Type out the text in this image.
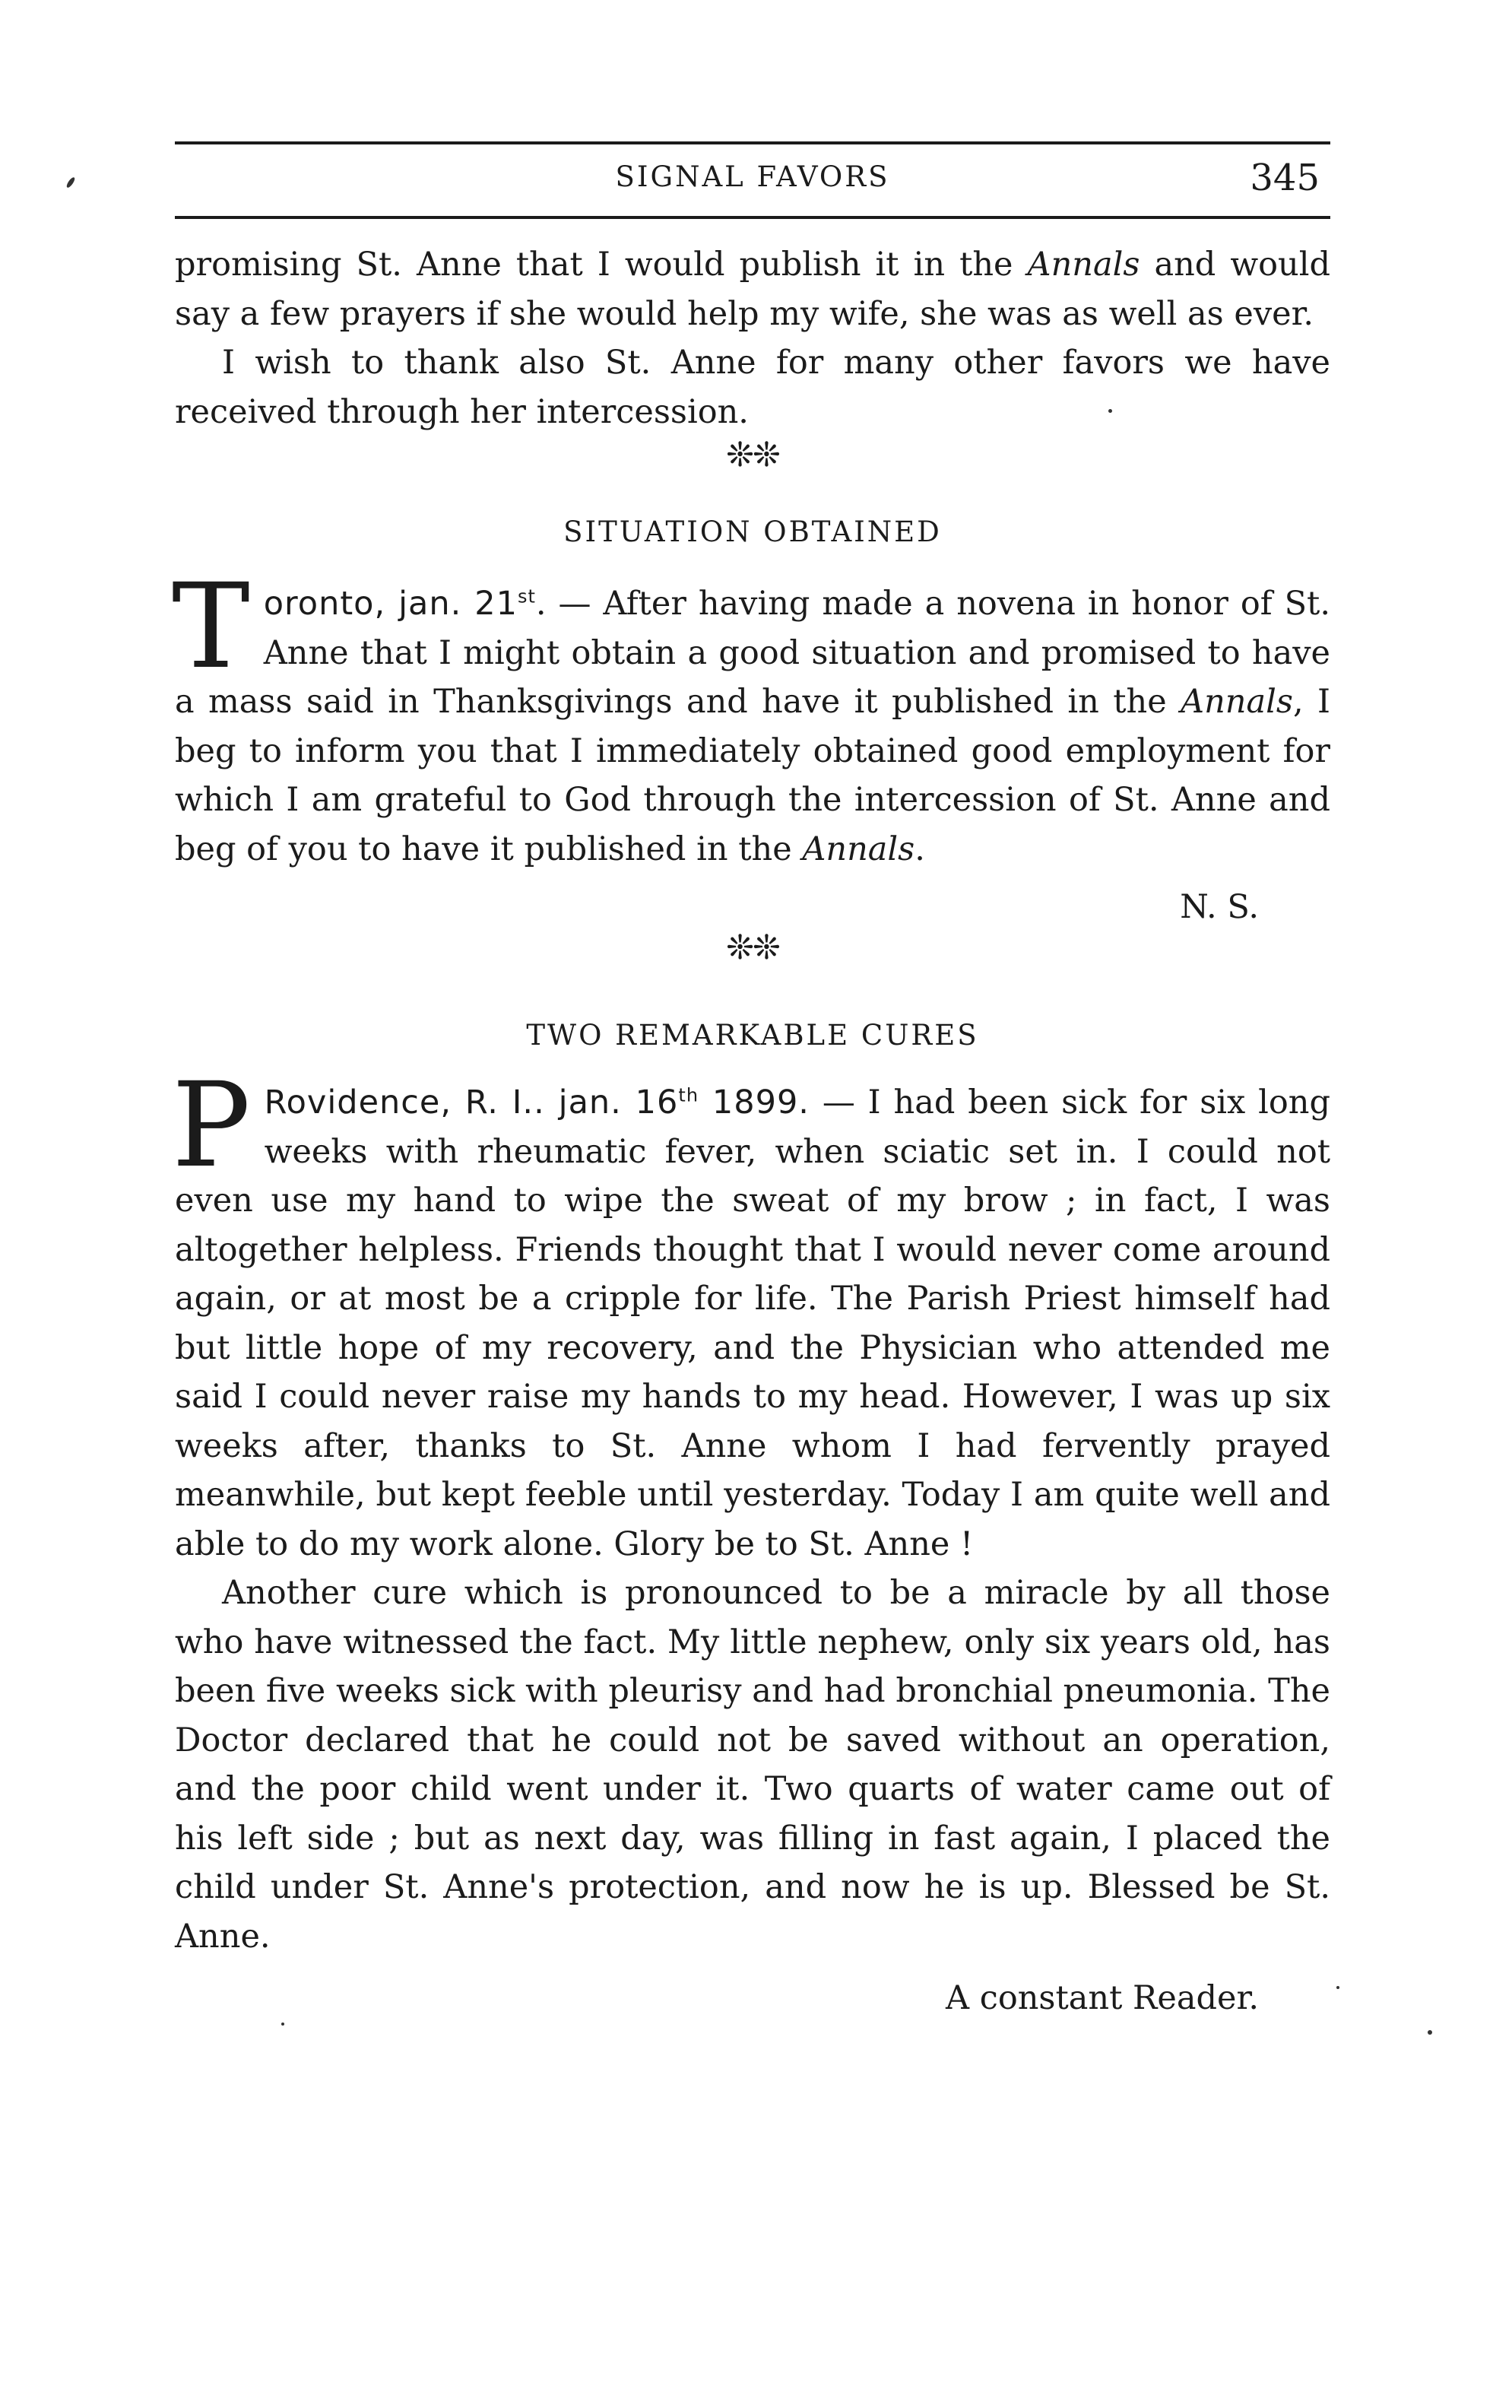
SIGNAL FAVORS	345

promising St. Anne that I would publish it in the Annals and would say a few prayers if she would help my wife, she was as well as ever.

I wish to thank also St. Anne for many other favors we have received through her intercession.

❊❊
SITUATION OBTAINED

Toronto, jan. 21st. — After having made a novena in honor of St. Anne that I might obtain a good situation and promised to have a mass said in Thanksgivings and have it published in the Annals, I beg to inform you that I immediately obtained good employment for which I am grateful to God through the intercession of St. Anne and beg of you to have it published in the Annals.

N. S.
❊❊
TWO REMARKABLE CURES

P Rovidence, R. I.. jan. 16th 1899. — I had been sick for six long weeks with rheumatic fever, when sciatic set in. I could not even use my hand to wipe the sweat of my brow ; in fact, I was altogether helpless. Friends thought that I would never come around again, or at most be a cripple for life. The Parish Priest himself had but little hope of my recovery, and the Physician who attended me said I could never raise my hands to my head. However, I was up six weeks after, thanks to St. Anne whom I had fervently prayed meanwhile, but kept feeble until yesterday. Today I am quite well and able to do my work alone. Glory be to St. Anne !

Another cure which is pronounced to be a miracle by all those who have witnessed the fact. My little nephew, only six years old, has been five weeks sick with pleurisy and had bronchial pneumonia. The Doctor declared that he could not be saved without an operation, and the poor child went under it. Two quarts of water came out of his left side ; but as next day, was filling in fast again, I placed the child under St. Anne's protection, and now he is up. Blessed be St. Anne.

A constant Reader.
